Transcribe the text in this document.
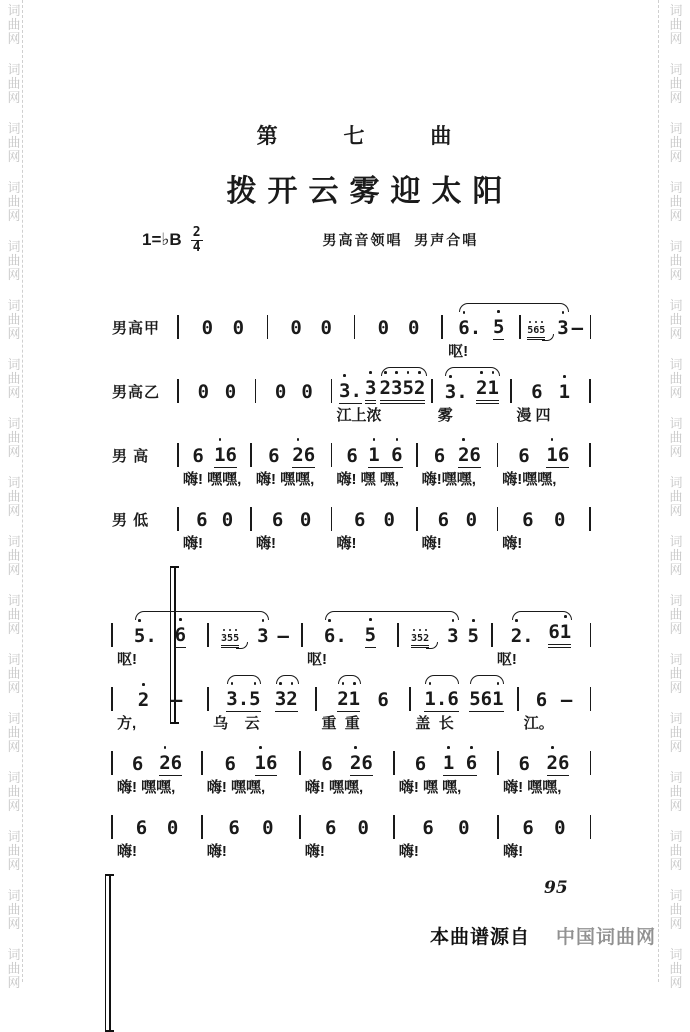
词
曲
网
词
曲
网
词
曲
网
词
曲
网
词
曲
网
词
曲
网
词
曲
网
词
曲
网
词
曲
网
词
曲
网
词
曲
网
词
曲
网
词
曲
网
词
曲
网
词
曲
网
词
曲
网
词
曲
网
词
曲
网
词
曲
网
词
曲
网
词
曲
网
词
曲
网
词
曲
网
词
曲
网
词
曲
网
词
曲
网
词
曲
网
词
曲
网
词
曲
网
词
曲
网
词
曲
网
词
曲
网
词
曲
网
词
曲
网
第 七 曲
拨开云雾迎太阳
1=♭B $\frac{2}{4}$	男高音领唱  男声合唱
男高甲	0 0 0 0 0 0 6. 5 565 3 —
呕!
男高乙	0 0 0 0 3. 3 2352 3. 21 6 1
江上浓	雾	漫 四
男 高	6 16 6 26 6 1 6 6 26 6 16
嗨! 嘿嘿, 嗨! 嘿嘿,	嗨! 嘿 嘿,	嗨!嘿嘿,	嗨!嘿嘿,
男 低	6 0 6 0 6 0 6 0 6 0
嗨!	嗨!	嗨!	嗨!	嗨!
5. 6	355 3 — 6. 5	352 3 5 2. 61
呕!	呕!	呕!
2 — 3.5 32 21 6 1.6 561 6 —
方,	乌    云	重  重	盖  长	江。
6 26 6 16 6 26 6 1 6 6 26
嗨! 嘿嘿,	嗨! 嘿嘿,	嗨! 嘿嘿,	嗨! 嘿 嘿,	嗨! 嘿嘿,
6 0	6 0	6 0	6 0	6 0
嗨!	嗨!	嗨!	嗨!	嗨!
95
本曲谱源自 中国词曲网
